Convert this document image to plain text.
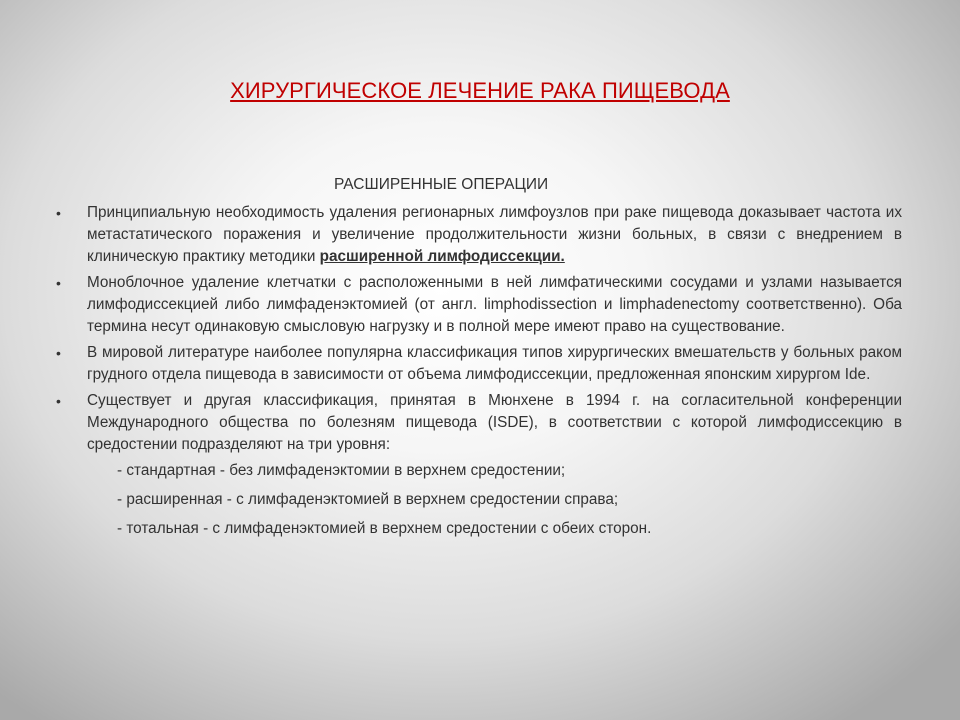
ХИРУРГИЧЕСКОЕ ЛЕЧЕНИЕ РАКА ПИЩЕВОДА
РАСШИРЕННЫЕ ОПЕРАЦИИ
• Принципиальную необходимость удаления регионарных лимфоузлов при раке пищевода доказывает частота их метастатического поражения и увеличение продолжительности жизни больных, в связи с внедрением в клиническую практику методики расширенной лимфодиссекции.

• Моноблочное удаление клетчатки с расположенными в ней лимфатическими сосудами и узлами называется лимфодиссекцией либо лимфаденэктомией (от англ. limphodissection и limphadenectomy соответственно). Оба термина несут одинаковую смысловую нагрузку и в полной мере имеют право на существование.

• В мировой литературе наиболее популярна классификация типов хирургических вмешательств у больных раком грудного отдела пищевода в зависимости от объема лимфодиссекции, предложенная японским хирургом Ide.

• Существует и другая классификация, принятая в Мюнхене в 1994 г. на согласительной конференции Международного общества по болезням пищевода (ISDE), в соответствии с которой лимфодиссекцию в средостении подразделяют на три уровня:

- стандартная - без лимфаденэктомии в верхнем средостении;
- расширенная - с лимфаденэктомией в верхнем средостении справа;
- тотальная - с лимфаденэктомией в верхнем средостении с обеих сторон.
